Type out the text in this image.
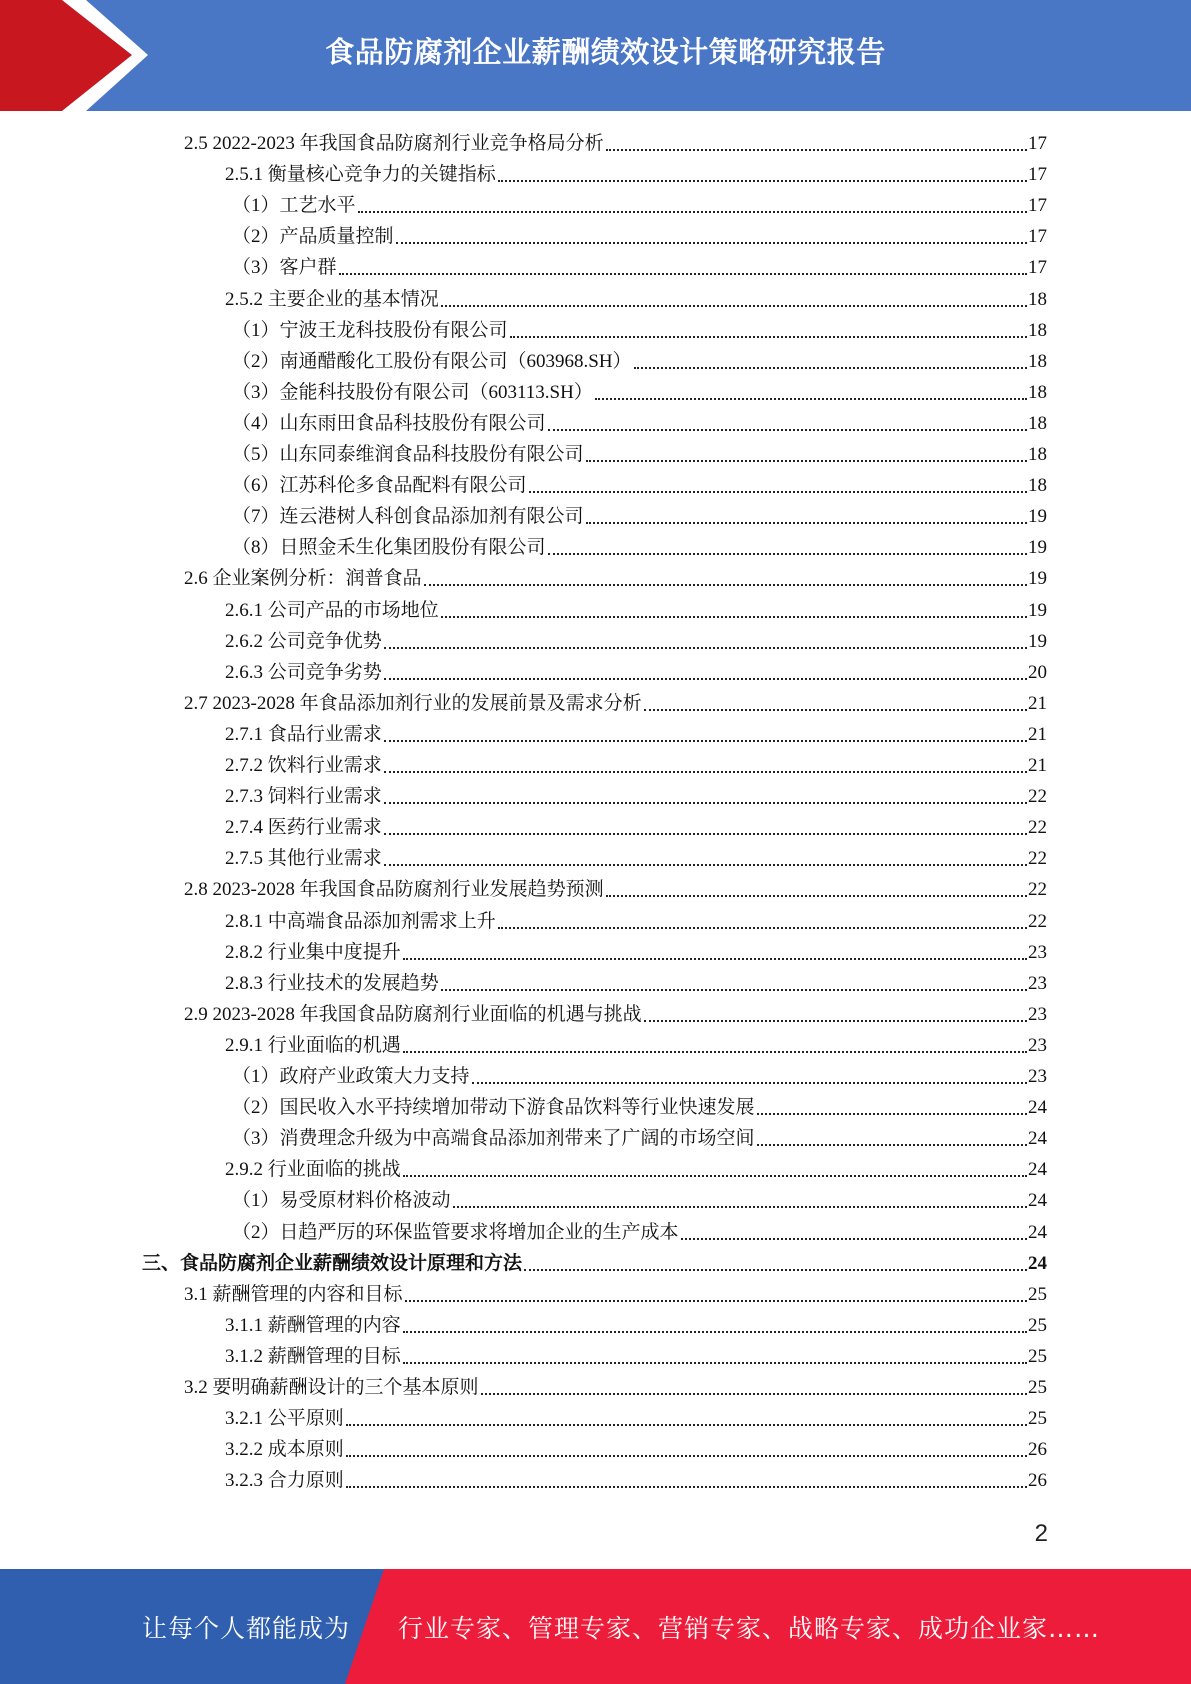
食品防腐剂企业薪酬绩效设计策略研究报告
2.5 2022-2023 年我国食品防腐剂行业竞争格局分析	17
2.5.1 衡量核心竞争力的关键指标	17
（1）工艺水平	17
（2）产品质量控制	17
（3）客户群	17
2.5.2 主要企业的基本情况	18
（1）宁波王龙科技股份有限公司	18
（2）南通醋酸化工股份有限公司（603968.SH）	18
（3）金能科技股份有限公司（603113.SH）	18
（4）山东雨田食品科技股份有限公司	18
（5）山东同泰维润食品科技股份有限公司	18
（6）江苏科伦多食品配料有限公司	18
（7）连云港树人科创食品添加剂有限公司	19
（8）日照金禾生化集团股份有限公司	19
2.6 企业案例分析：润普食品	19
2.6.1 公司产品的市场地位	19
2.6.2 公司竞争优势	19
2.6.3 公司竞争劣势	20
2.7 2023-2028 年食品添加剂行业的发展前景及需求分析	21
2.7.1 食品行业需求	21
2.7.2 饮料行业需求	21
2.7.3 饲料行业需求	22
2.7.4 医药行业需求	22
2.7.5 其他行业需求	22
2.8 2023-2028 年我国食品防腐剂行业发展趋势预测	22
2.8.1 中高端食品添加剂需求上升	22
2.8.2 行业集中度提升	23
2.8.3 行业技术的发展趋势	23
2.9 2023-2028 年我国食品防腐剂行业面临的机遇与挑战	23
2.9.1 行业面临的机遇	23
（1）政府产业政策大力支持	23
（2）国民收入水平持续增加带动下游食品饮料等行业快速发展	24
（3）消费理念升级为中高端食品添加剂带来了广阔的市场空间	24
2.9.2 行业面临的挑战	24
（1）易受原材料价格波动	24
（2）日趋严厉的环保监管要求将增加企业的生产成本	24
三、食品防腐剂企业薪酬绩效设计原理和方法	24
3.1 薪酬管理的内容和目标	25
3.1.1 薪酬管理的内容	25
3.1.2 薪酬管理的目标	25
3.2 要明确薪酬设计的三个基本原则	25
3.2.1 公平原则	25
3.2.2 成本原则	26
3.2.3 合力原则	26
2
让每个人都能成为 行业专家、管理专家、营销专家、战略专家、成功企业家……
